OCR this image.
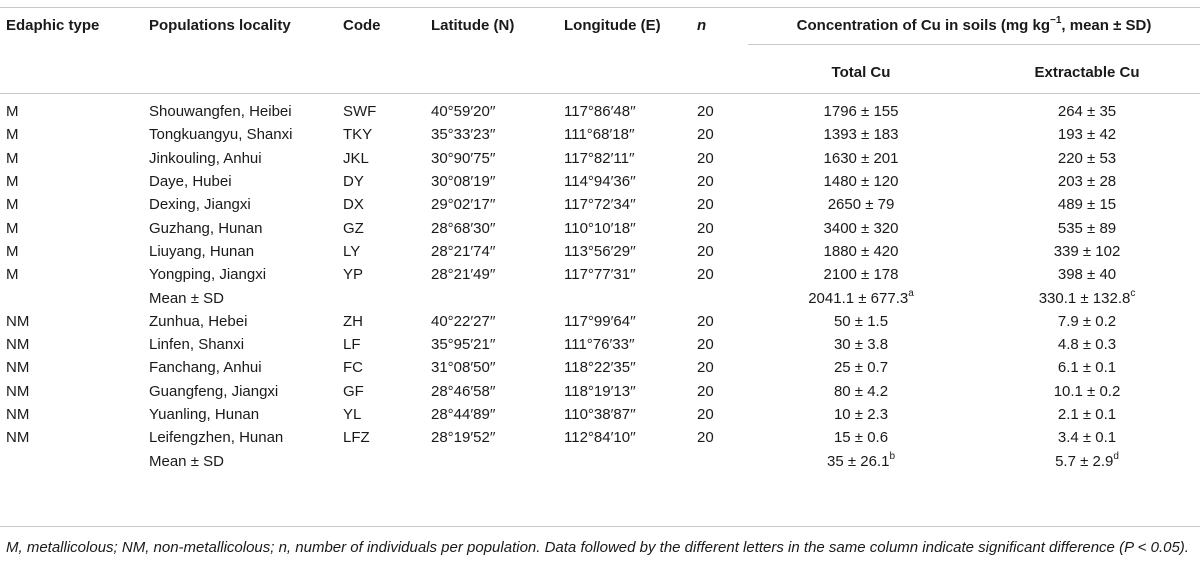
Edaphic type	Populations locality	Code	Latitude (N)	Longitude (E)	n	Concentration of Cu in soils (mg $kg^{-1}$, mean ± SD)	
						Total Cu	Extractable Cu
M	Shouwangfen, Heibei	SWF	40°59′20′′	117°86′48′′	20	1796 ± 155	264 ± 35
M	Tongkuangyu, Shanxi	TKY	35°33′23′′	111°68′18′′	20	1393 ± 183	193 ± 42
M	Jinkouling, Anhui	JKL	30°90′75′′	117°82′11′′	20	1630 ± 201	220 ± 53
M	Daye, Hubei	DY	30°08′19′′	114°94′36′′	20	1480 ± 120	203 ± 28
M	Dexing, Jiangxi	DX	29°02′17′′	117°72′34′′	20	2650 ± 79	489 ± 15
M	Guzhang, Hunan	GZ	28°68′30′′	110°10′18′′	20	3400 ± 320	535 ± 89
M	Liuyang, Hunan	LY	28°21′74′′	113°56′29′′	20	1880 ± 420	339 ± 102
M	Yongping, Jiangxi	YP	28°21′49′′	117°77′31′′	20	2100 ± 178	398 ± 40
	Mean ± SD					2041.1 ± 677.3$^a$	330.1 ± 132.8$^c$
NM	Zunhua, Hebei	ZH	40°22′27′′	117°99′64′′	20	50 ± 1.5	7.9 ± 0.2
NM	Linfen, Shanxi	LF	35°95′21′′	111°76′33′′	20	30 ± 3.8	4.8 ± 0.3
NM	Fanchang, Anhui	FC	31°08′50′′	118°22′35′′	20	25 ± 0.7	6.1 ± 0.1
NM	Guangfeng, Jiangxi	GF	28°46′58′′	118°19′13′′	20	80 ± 4.2	10.1 ± 0.2
NM	Yuanling, Hunan	YL	28°44′89′′	110°38′87′′	20	10 ± 2.3	2.1 ± 0.1
NM	Leifengzhen, Hunan	LFZ	28°19′52′′	112°84′10′′	20	15 ± 0.6	3.4 ± 0.1
	Mean ± SD					35 ± 26.1$^b$	5.7 ± 2.9$^d$
M, metallicolous; NM, non-metallicolous; n, number of individuals per population. Data followed by the different letters in the same column indicate significant difference (P < 0.05).
